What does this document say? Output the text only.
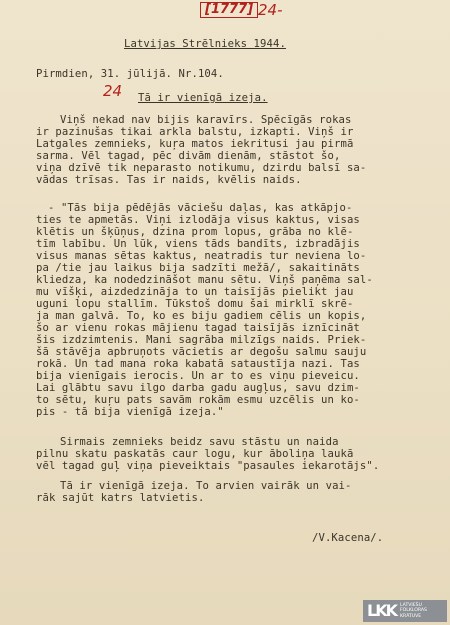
[1777] 24-
Latvijas Strēlnieks 1944.
Pirmdien, 31. jūlijā. Nr.104.
24 Tā ir vienīgā izeja.
Viņš nekad nav bijis karavīrs. Spēcīgās rokas
ir pazinušas tikai arkla balstu, izkapti. Viņš ir
Latgales zemnieks, kuŗa matos iekritusi jau pirmā
sarma. Vēl tagad, pēc divām dienām, stāstot šo,
viņa dzīvē tik neparasto notikumu, dzirdu balsī sa-
vādas trīsas. Tas ir naids, kvēlis naids.
- "Tās bija pēdējās vāciešu daļas, kas atkāpjo-
ties te apmetās. Viņi izlodāja visus kaktus, visas
klētis un šķūņus, dzina prom lopus, grāba no klē-
tīm labību. Un lūk, viens tāds bandīts, izbradājis
visus manas sētas kaktus, neatradis tur neviena lo-
pa /tie jau laikus bija sadzīti mežā/, sakaitināts
kliedza, ka nodedzināšot manu sētu. Viņš paņēma sal-
mu vīšķi, aizdedzināja to un taisījās pielikt jau
uguni lopu stallīm. Tūkstoš domu šai mirklī skrē-
ja man galvā. To, ko es biju gadiem cēlis un kopis,
šo ar vienu rokas mājienu tagad taisījās iznīcināt
šis izdzimtenis. Mani sagrāba milzīgs naids. Priek-
šā stāvēja apbruņots vācietis ar degošu salmu sauju
rokā. Un tad mana roka kabatā sataustīja nazi. Tas
bija vienīgais ierocis. Un ar to es viņu pieveicu.
Lai glābtu savu ilgo darba gadu augļus, savu dzim-
to sētu, kuŗu pats savām rokām esmu uzcēlis un ko-
pis - tā bija vienīgā izeja."
Sirmais zemnieks beidz savu stāstu un naida
pilnu skatu paskatās caur logu, kur āboliņa laukā
vēl tagad guļ viņa pieveiktais "pasaules iekarotājs".
Tā ir vienīgā izeja. To arvien vairāk un vai-
rāk sajūt katrs latvietis.
/V.Kacena/.
LKK LATVIEŠU
FOLKLORAS
KRĀTUVE
